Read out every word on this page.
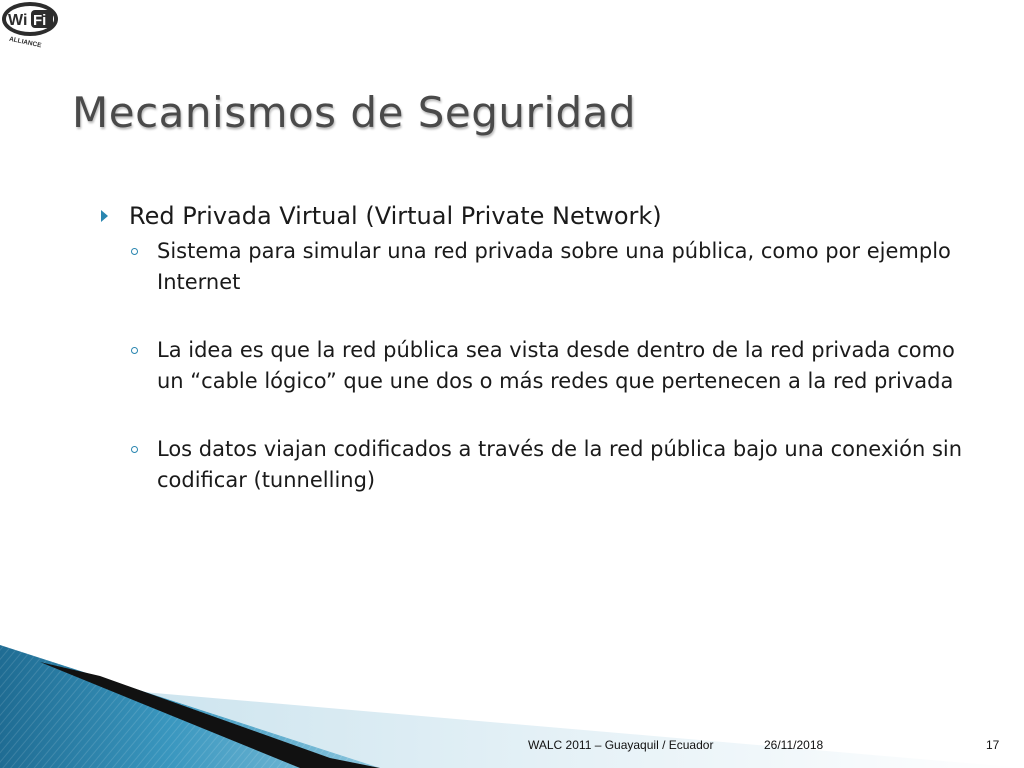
Wi Fi
ALLIANCE
Mecanismos de Seguridad
Red Privada Virtual (Virtual Private Network)
Sistema para simular una red privada sobre una pública, como por ejemplo Internet
La idea es que la red pública sea vista desde dentro de la red privada como un “cable lógico” que une dos o más redes que pertenecen a la red privada
Los datos viajan codificados a través de la red pública bajo una conexión sin codificar (tunnelling)
WALC 2011 – Guayaquil / Ecuador	26/11/2018	17
